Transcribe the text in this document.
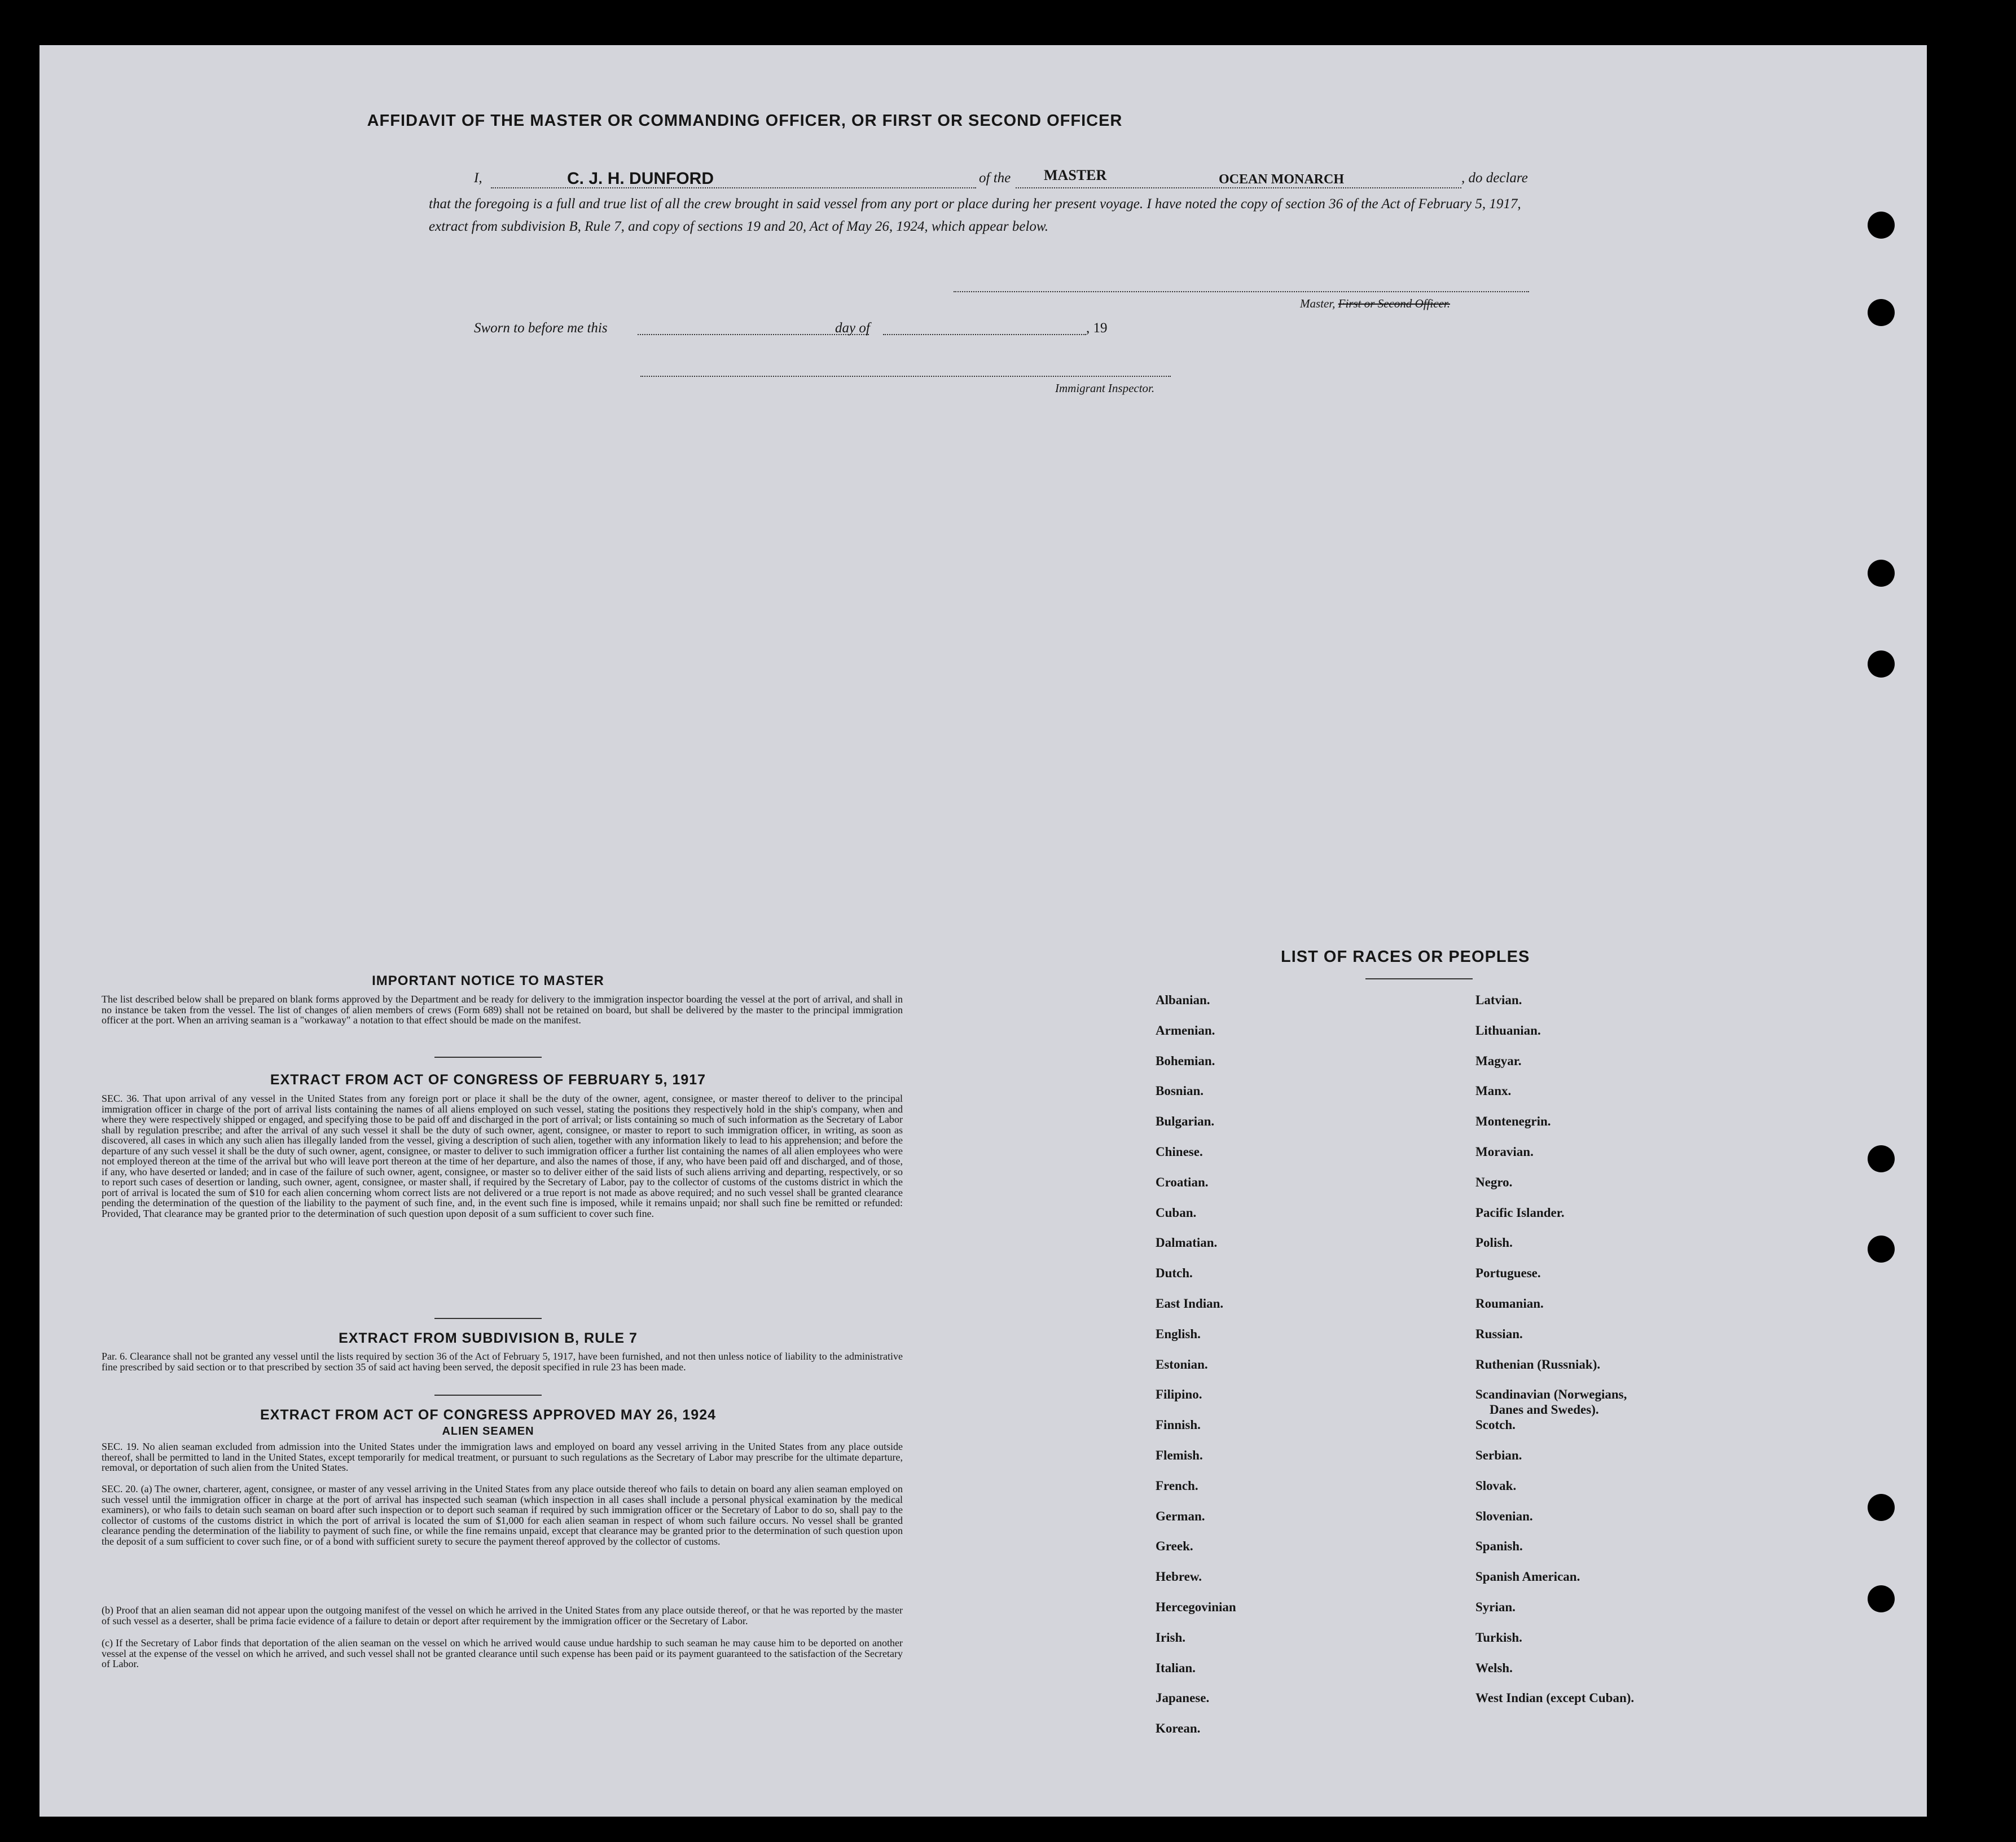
AFFIDAVIT OF THE MASTER OR COMMANDING OFFICER, OR FIRST OR SECOND OFFICER
I,	C. J. H. DUNFORD	of the MASTER	OCEAN MONARCH	, do declare
that the foregoing is a full and true list of all the crew brought in said vessel from any port or place during her present voyage. I have noted the copy of section 36 of the Act of February 5, 1917, extract from subdivision B, Rule 7, and copy of sections 19 and 20, Act of May 26, 1924, which appear below.
Master, First or Second Officer.
Sworn to before me this	day of	, 19
Immigrant Inspector.
IMPORTANT NOTICE TO MASTER
The list described below shall be prepared on blank forms approved by the Department and be ready for delivery to the immigration inspector boarding the vessel at the port of arrival, and shall in no instance be taken from the vessel. The list of changes of alien members of crews (Form 689) shall not be retained on board, but shall be delivered by the master to the principal immigration officer at the port. When an arriving seaman is a "workaway" a notation to that effect should be made on the manifest.
EXTRACT FROM ACT OF CONGRESS OF FEBRUARY 5, 1917
SEC. 36. That upon arrival of any vessel in the United States from any foreign port or place it shall be the duty of the owner, agent, consignee, or master thereof to deliver to the principal immigration officer in charge of the port of arrival lists containing the names of all aliens employed on such vessel, stating the positions they respectively hold in the ship's company, when and where they were respectively shipped or engaged, and specifying those to be paid off and discharged in the port of arrival; or lists containing so much of such information as the Secretary of Labor shall by regulation prescribe; and after the arrival of any such vessel it shall be the duty of such owner, agent, consignee, or master to report to such immigration officer, in writing, as soon as discovered, all cases in which any such alien has illegally landed from the vessel, giving a description of such alien, together with any information likely to lead to his apprehension; and before the departure of any such vessel it shall be the duty of such owner, agent, consignee, or master to deliver to such immigration officer a further list containing the names of all alien employees who were not employed thereon at the time of the arrival but who will leave port thereon at the time of her departure, and also the names of those, if any, who have been paid off and discharged, and of those, if any, who have deserted or landed; and in case of the failure of such owner, agent, consignee, or master so to deliver either of the said lists of such aliens arriving and departing, respectively, or so to report such cases of desertion or landing, such owner, agent, consignee, or master shall, if required by the Secretary of Labor, pay to the collector of customs of the customs district in which the port of arrival is located the sum of $10 for each alien concerning whom correct lists are not delivered or a true report is not made as above required; and no such vessel shall be granted clearance pending the determination of the question of the liability to the payment of such fine, and, in the event such fine is imposed, while it remains unpaid; nor shall such fine be remitted or refunded: Provided, That clearance may be granted prior to the determination of such question upon deposit of a sum sufficient to cover such fine.
EXTRACT FROM SUBDIVISION B, RULE 7
Par. 6. Clearance shall not be granted any vessel until the lists required by section 36 of the Act of February 5, 1917, have been furnished, and not then unless notice of liability to the administrative fine prescribed by said section or to that prescribed by section 35 of said act having been served, the deposit specified in rule 23 has been made.
EXTRACT FROM ACT OF CONGRESS APPROVED MAY 26, 1924
ALIEN SEAMEN
SEC. 19. No alien seaman excluded from admission into the United States under the immigration laws and employed on board any vessel arriving in the United States from any place outside thereof, shall be permitted to land in the United States, except temporarily for medical treatment, or pursuant to such regulations as the Secretary of Labor may prescribe for the ultimate departure, removal, or deportation of such alien from the United States.
SEC. 20. (a) The owner, charterer, agent, consignee, or master of any vessel arriving in the United States from any place outside thereof who fails to detain on board any alien seaman employed on such vessel until the immigration officer in charge at the port of arrival has inspected such seaman (which inspection in all cases shall include a personal physical examination by the medical examiners), or who fails to detain such seaman on board after such inspection or to deport such seaman if required by such immigration officer or the Secretary of Labor to do so, shall pay to the collector of customs of the customs district in which the port of arrival is located the sum of $1,000 for each alien seaman in respect of whom such failure occurs. No vessel shall be granted clearance pending the determination of the liability to payment of such fine, or while the fine remains unpaid, except that clearance may be granted prior to the determination of such question upon the deposit of a sum sufficient to cover such fine, or of a bond with sufficient surety to secure the payment thereof approved by the collector of customs.
(b) Proof that an alien seaman did not appear upon the outgoing manifest of the vessel on which he arrived in the United States from any place outside thereof, or that he was reported by the master of such vessel as a deserter, shall be prima facie evidence of a failure to detain or deport after requirement by the immigration officer or the Secretary of Labor.
(c) If the Secretary of Labor finds that deportation of the alien seaman on the vessel on which he arrived would cause undue hardship to such seaman he may cause him to be deported on another vessel at the expense of the vessel on which he arrived, and such vessel shall not be granted clearance until such expense has been paid or its payment guaranteed to the satisfaction of the Secretary of Labor.
LIST OF RACES OR PEOPLES
Albanian.
Armenian.
Bohemian.
Bosnian.
Bulgarian.
Chinese.
Croatian.
Cuban.
Dalmatian.
Dutch.
East Indian.
English.
Estonian.
Filipino.
Finnish.
Flemish.
French.
German.
Greek.
Hebrew.
Hercegovinian
Irish.
Italian.
Japanese.
Korean.
Latvian.
Lithuanian.
Magyar.
Manx.
Montenegrin.
Moravian.
Negro.
Pacific Islander.
Polish.
Portuguese.
Roumanian.
Russian.
Ruthenian (Russniak).
Scandinavian (Norwegians,
Danes and Swedes).
Scotch.
Serbian.
Slovak.
Slovenian.
Spanish.
Spanish American.
Syrian.
Turkish.
Welsh.
West Indian (except Cuban).
